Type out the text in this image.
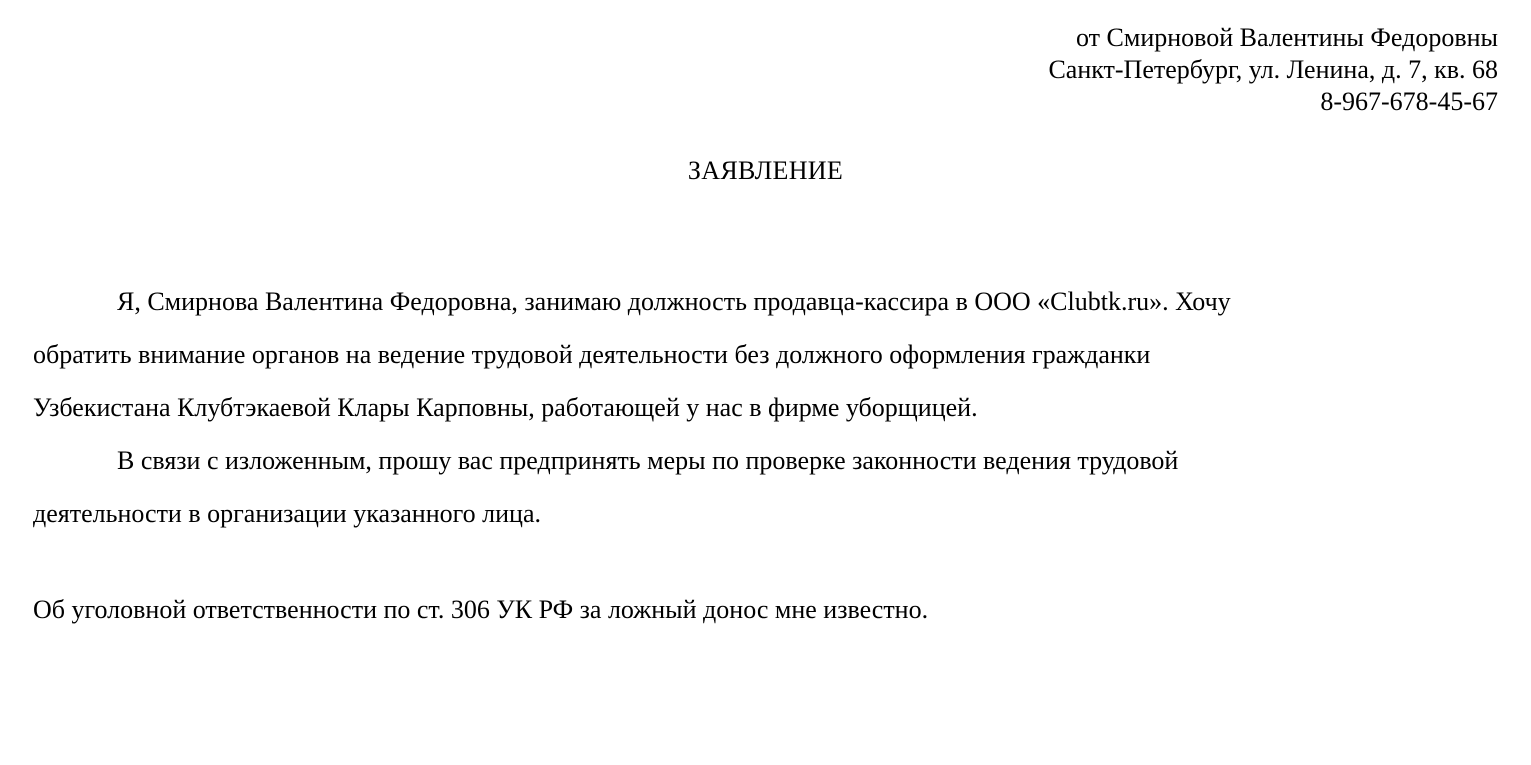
от Смирновой Валентины Федоровны
Санкт-Петербург, ул. Ленина, д. 7, кв. 68
8-967-678-45-67
ЗАЯВЛЕНИЕ
Я, Смирнова Валентина Федоровна, занимаю должность продавца-кассира в ООО «Clubtk.ru». Хочу
обратить внимание органов на ведение трудовой деятельности без должного оформления гражданки
Узбекистана Клубтэкаевой Клары Карповны, работающей у нас в фирме уборщицей.
В связи с изложенным, прошу вас предпринять меры по проверке законности ведения трудовой
деятельности в организации указанного лица.
Об уголовной ответственности по ст. 306 УК РФ за ложный донос мне известно.
